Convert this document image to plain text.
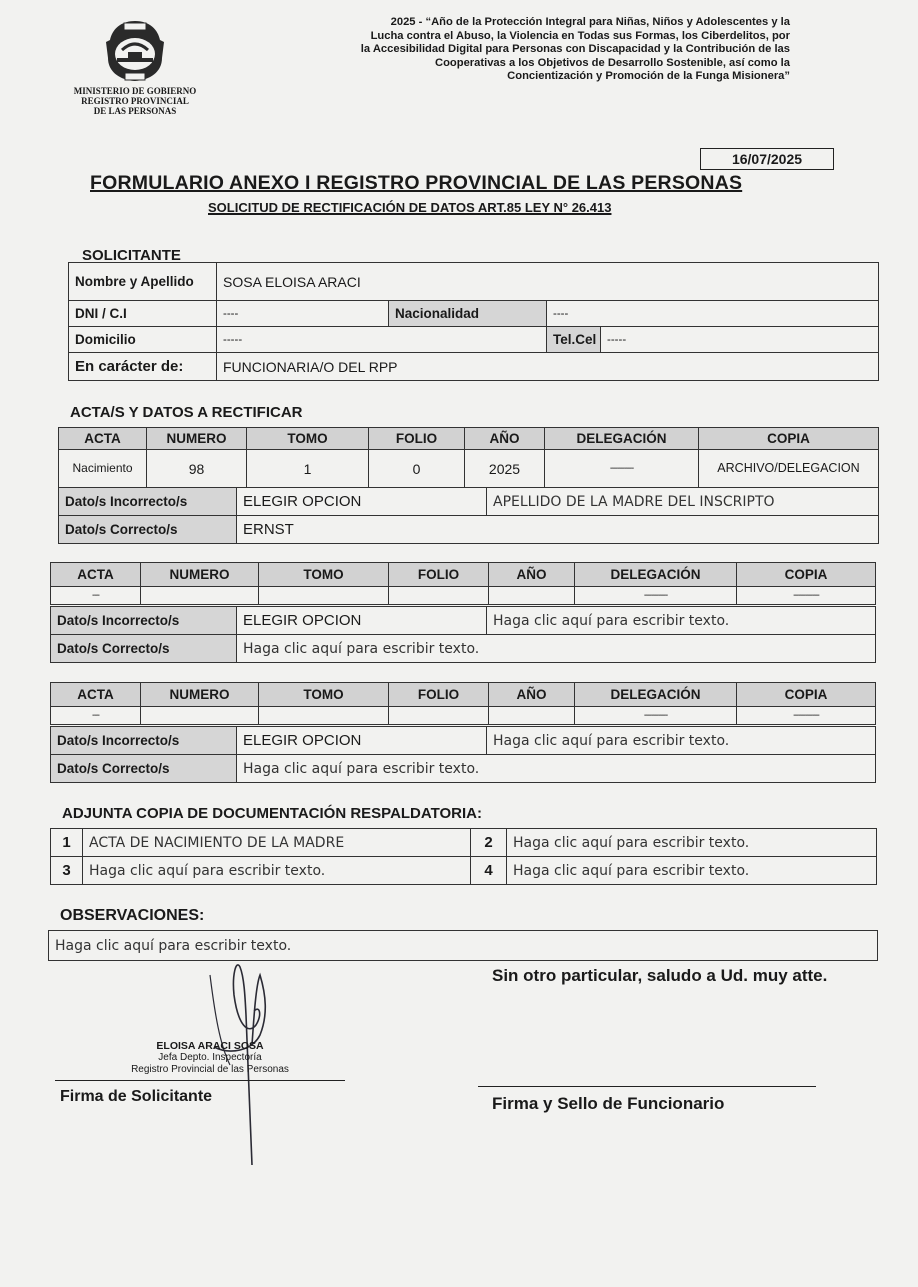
MINISTERIO DE GOBIERNO
REGISTRO PROVINCIAL
DE LAS PERSONAS
2025 - “Año de la Protección Integral para Niñas, Niños y Adolescentes y la Lucha contra el Abuso, la Violencia en Todas sus Formas, los Ciberdelitos, por la Accesibilidad Digital para Personas con Discapacidad y la Contribución de las Cooperativas a los Objetivos de Desarrollo Sostenible, así como la Concientización y Promoción de la Funga Misionera”
16/07/2025
FORMULARIO ANEXO I REGISTRO PROVINCIAL DE LAS PERSONAS
SOLICITUD DE RECTIFICACIÓN DE DATOS ART.85 LEY N° 26.413
SOLICITANTE
Nombre y Apellido	SOSA ELOISA ARACI			
DNI / C.I	----	Nacionalidad	----	
Domicilio	-----		Tel.Cel	-----
En carácter de:	FUNCIONARIA/O DEL RPP			
ACTA/S Y DATOS A RECTIFICAR
ACTA	NUMERO	TOMO	FOLIO	AÑO	DELEGACIÓN	COPIA
Nacimiento	98	1	0	2025	----------	ARCHIVO/DELEGACION
Dato/s Incorrecto/s	ELEGIR OPCION	APELLIDO DE LA MADRE DEL INSCRIPTO
Dato/s Correcto/s	ERNST	
ACTA	NUMERO	TOMO	FOLIO	AÑO	DELEGACIÓN	COPIA
---					----------	-----------
Dato/s Incorrecto/s	ELEGIR OPCION	Haga clic aquí para escribir texto.
Dato/s Correcto/s	Haga clic aquí para escribir texto.	
ACTA	NUMERO	TOMO	FOLIO	AÑO	DELEGACIÓN	COPIA
---					----------	-----------
Dato/s Incorrecto/s	ELEGIR OPCION	Haga clic aquí para escribir texto.
Dato/s Correcto/s	Haga clic aquí para escribir texto.	
ADJUNTA COPIA DE DOCUMENTACIÓN RESPALDATORIA:
1	ACTA DE NACIMIENTO DE LA MADRE	2	Haga clic aquí para escribir texto.
3	Haga clic aquí para escribir texto.	4	Haga clic aquí para escribir texto.
OBSERVACIONES:
Haga clic aquí para escribir texto.
Sin otro particular, saludo a Ud. muy atte.
ELOISA ARACI SOSA
Jefa Depto. Inspectoría
Registro Provincial de las Personas
Firma de Solicitante	Firma y Sello de Funcionario
